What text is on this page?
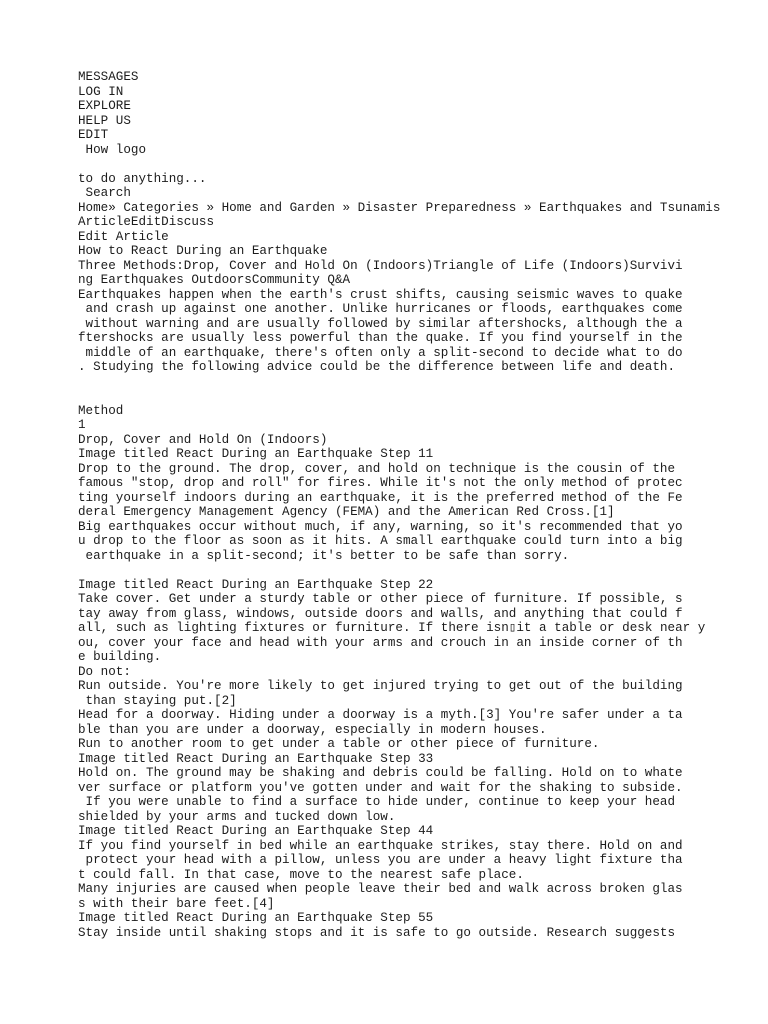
MESSAGES
LOG IN
EXPLORE
HELP US
EDIT
How logo
to do anything...
Search
Home» Categories » Home and Garden » Disaster Preparedness » Earthquakes and Tsunamis
ArticleEditDiscuss
Edit Article
How to React During an Earthquake
Three Methods:Drop, Cover and Hold On (Indoors)Triangle of Life (Indoors)Survivi
ng Earthquakes OutdoorsCommunity Q&A
Earthquakes happen when the earth's crust shifts, causing seismic waves to quake
and crash up against one another. Unlike hurricanes or floods, earthquakes come
without warning and are usually followed by similar aftershocks, although the a
ftershocks are usually less powerful than the quake. If you find yourself in the
middle of an earthquake, there's often only a split-second to decide what to do
. Studying the following advice could be the difference between life and death.
Method
1
Drop, Cover and Hold On (Indoors)
Image titled React During an Earthquake Step 11
Drop to the ground. The drop, cover, and hold on technique is the cousin of the
famous "stop, drop and roll" for fires. While it's not the only method of protec
ting yourself indoors during an earthquake, it is the preferred method of the Fe
deral Emergency Management Agency (FEMA) and the American Red Cross.[1]
Big earthquakes occur without much, if any, warning, so it's recommended that yo
u drop to the floor as soon as it hits. A small earthquake could turn into a big
earthquake in a split-second; it's better to be safe than sorry.
Image titled React During an Earthquake Step 22
Take cover. Get under a sturdy table or other piece of furniture. If possible, s
tay away from glass, windows, outside doors and walls, and anything that could f
all, such as lighting fixtures or furniture. If there isn▯it a table or desk near y
ou, cover your face and head with your arms and crouch in an inside corner of th
e building.
Do not:
Run outside. You're more likely to get injured trying to get out of the building
than staying put.[2]
Head for a doorway. Hiding under a doorway is a myth.[3] You're safer under a ta
ble than you are under a doorway, especially in modern houses.
Run to another room to get under a table or other piece of furniture.
Image titled React During an Earthquake Step 33
Hold on. The ground may be shaking and debris could be falling. Hold on to whate
ver surface or platform you've gotten under and wait for the shaking to subside.
If you were unable to find a surface to hide under, continue to keep your head
shielded by your arms and tucked down low.
Image titled React During an Earthquake Step 44
If you find yourself in bed while an earthquake strikes, stay there. Hold on and
protect your head with a pillow, unless you are under a heavy light fixture tha
t could fall. In that case, move to the nearest safe place.
Many injuries are caused when people leave their bed and walk across broken glas
s with their bare feet.[4]
Image titled React During an Earthquake Step 55
Stay inside until shaking stops and it is safe to go outside. Research suggests
